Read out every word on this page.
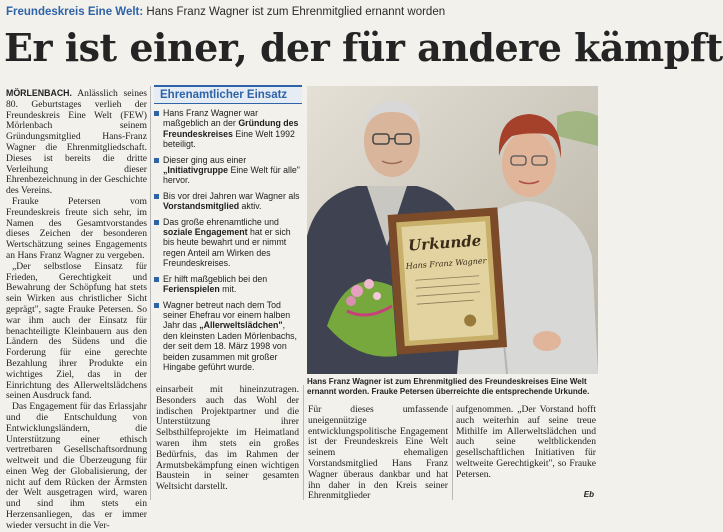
Freundeskreis Eine Welt: Hans Franz Wagner ist zum Ehrenmitglied ernannt worden
Er ist einer, der für andere kämpft

MÖRLENBACH. Anlässlich seines 80. Geburtstages verlieh der Freundeskreis Eine Welt (FEW) Mörlenbach seinem Gründungsmitglied Hans-Franz Wagner die Ehrenmitgliedschaft. Dieses ist bereits die dritte Verleihung dieser Ehrenbezeichnung in der Geschichte des Vereins.

Frauke Petersen vom Freundeskreis freute sich sehr, im Namen des Gesamtvorstandes dieses Zeichen der besonderen Wertschätzung seines Engagements an Hans Franz Wagner zu vergeben.

„Der selbstlose Einsatz für Frieden, Gerechtigkeit und Bewahrung der Schöpfung hat stets sein Wirken aus christlicher Sicht geprägt", sagte Frauke Petersen. So war ihm auch der Einsatz für benachteiligte Kleinbauern aus den Ländern des Südens und die Forderung für eine gerechte Bezahlung ihrer Produkte ein wichtiges Ziel, das in der Einrichtung des Allerweltslädchens seinen Ausdruck fand.

Das Engagement für das Erlassjahr und die Entschuldung von Entwicklungsländern, die Unterstützung einer ethisch vertretbaren Gesellschaftsordnung weltweit und die Überzeugung für einen Weg der Globalisierung, der nicht auf dem Rücken der Ärmsten der Welt ausgetragen wird, waren und sind ihm stets ein Herzensanliegen, das er immer wieder versucht in die Ver-

Ehrenamtlicher Einsatz
Hans Franz Wagner war maßgeblich an der Gründung des Freundeskreises Eine Welt 1992 beteiligt.
Dieser ging aus einer „Initiativgruppe Eine Welt für alle" hervor.
Bis vor drei Jahren war Wagner als Vorstandsmitglied aktiv.
Das große ehrenamtliche und soziale Engagement hat er sich bis heute bewahrt und er nimmt regen Anteil am Wirken des Freundeskreises.
Er hilft maßgeblich bei den Ferienspielen mit.
Wagner betreut nach dem Tod seiner Ehefrau vor einem halben Jahr das „Allerweltslädchen", den kleinsten Laden Mörlenbachs, der seit dem 18. März 1998 von beiden zusammen mit großer Hingabe geführt wurde.
Urkunde
Hans Franz Wagner
Hans Franz Wagner ist zum Ehrenmitglied des Freundeskreises Eine Welt ernannt worden. Frauke Petersen überreichte die entsprechende Urkunde.

einsarbeit mit hineinzutragen. Besonders auch das Wohl der indischen Projektpartner und die Unterstützung ihrer Selbsthilfeprojekte im Heimatland waren ihm stets ein großes Bedürfnis, das im Rahmen der Armutsbekämpfung einen wichtigen Baustein in seiner gesamten Weltsicht darstellt.

Für dieses umfassende uneigennützige entwicklungspolitische Engagement ist der Freundeskreis Eine Welt seinem ehemaligen Vorstandsmitglied Hans Franz Wagner überaus dankbar und hat ihn daher in den Kreis seiner Ehrenmitglieder

aufgenommen. „Der Vorstand hofft auch weiterhin auf seine treue Mithilfe im Allerweltslädchen und auch seine weltblickenden gesellschaftlichen Initiativen für weltweite Gerechtigkeit", so Frauke Petersen.

Eb
